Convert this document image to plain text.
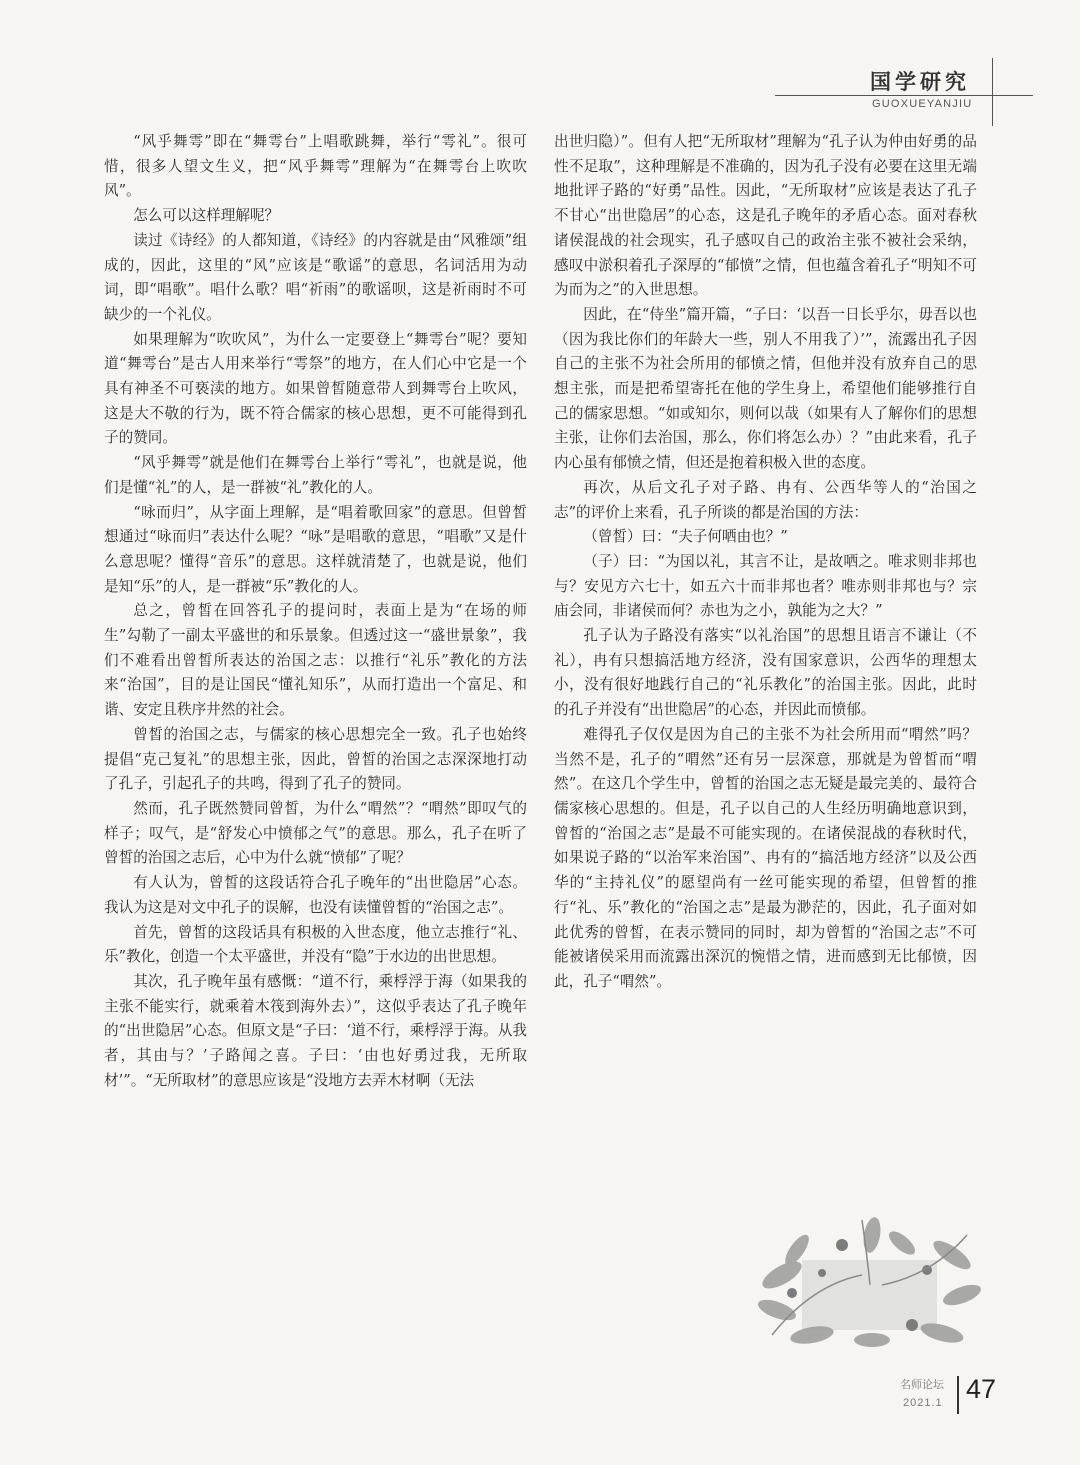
国学研究
GUOXUEYANJIU

“风乎舞雩”即在“舞雩台”上唱歌跳舞，举行“雩礼”。很可惜，很多人望文生义，把“风乎舞雩”理解为“在舞雩台上吹吹风”。

怎么可以这样理解呢？

读过《诗经》的人都知道，《诗经》的内容就是由“风雅颂”组成的，因此，这里的“风”应该是“歌谣”的意思，名词活用为动词，即“唱歌”。唱什么歌？唱“祈雨”的歌谣呗，这是祈雨时不可缺少的一个礼仪。

如果理解为“吹吹风”，为什么一定要登上“舞雩台”呢？要知道“舞雩台”是古人用来举行“雩祭”的地方，在人们心中它是一个具有神圣不可亵渎的地方。如果曾皙随意带人到舞雩台上吹风，这是大不敬的行为，既不符合儒家的核心思想，更不可能得到孔子的赞同。

“风乎舞雩”就是他们在舞雩台上举行“雩礼”，也就是说，他们是懂“礼”的人，是一群被“礼”教化的人。

“咏而归”，从字面上理解，是“唱着歌回家”的意思。但曾皙想通过“咏而归”表达什么呢？“咏”是唱歌的意思，“唱歌”又是什么意思呢？懂得“音乐”的意思。这样就清楚了，也就是说，他们是知“乐”的人，是一群被“乐”教化的人。

总之，曾皙在回答孔子的提问时，表面上是为“在场的师生”勾勒了一副太平盛世的和乐景象。但透过这一“盛世景象”，我们不难看出曾皙所表达的治国之志：以推行“礼乐”教化的方法来“治国”，目的是让国民“懂礼知乐”，从而打造出一个富足、和谐、安定且秩序井然的社会。

曾皙的治国之志，与儒家的核心思想完全一致。孔子也始终提倡“克己复礼”的思想主张，因此，曾皙的治国之志深深地打动了孔子，引起孔子的共鸣，得到了孔子的赞同。

然而，孔子既然赞同曾皙，为什么“喟然”？“喟然”即叹气的样子；叹气，是“舒发心中愤郁之气”的意思。那么，孔子在听了曾皙的治国之志后，心中为什么就“愤郁”了呢？

有人认为，曾皙的这段话符合孔子晚年的“出世隐居”心态。我认为这是对文中孔子的误解，也没有读懂曾皙的“治国之志”。

首先，曾皙的这段话具有积极的入世态度，他立志推行“礼、乐”教化，创造一个太平盛世，并没有“隐”于水边的出世思想。

其次，孔子晚年虽有感慨：“道不行，乘桴浮于海（如果我的主张不能实行，就乘着木筏到海外去）”，这似乎表达了孔子晚年的“出世隐居”心态。但原文是“子曰：‘道不行，乘桴浮于海。从我者，其由与？’子路闻之喜。子曰：‘由也好勇过我，无所取材’”。“无所取材”的意思应该是“没地方去弄木材啊（无法

出世归隐）”。但有人把“无所取材”理解为“孔子认为仲由好勇的品性不足取”，这种理解是不准确的，因为孔子没有必要在这里无端地批评子路的“好勇”品性。因此，“无所取材”应该是表达了孔子不甘心“出世隐居”的心态，这是孔子晚年的矛盾心态。面对春秋诸侯混战的社会现实，孔子感叹自己的政治主张不被社会采纳，感叹中淤积着孔子深厚的“郁愤”之情，但也蕴含着孔子“明知不可为而为之”的入世思想。

因此，在“侍坐”篇开篇，“子曰：‘以吾一日长乎尔，毋吾以也（因为我比你们的年龄大一些，别人不用我了）’”，流露出孔子因自己的主张不为社会所用的郁愤之情，但他并没有放弃自己的思想主张，而是把希望寄托在他的学生身上，希望他们能够推行自己的儒家思想。“如或知尔，则何以哉（如果有人了解你们的思想主张，让你们去治国，那么，你们将怎么办）？”由此来看，孔子内心虽有郁愤之情，但还是抱着积极入世的态度。

再次，从后文孔子对子路、冉有、公西华等人的“治国之志”的评价上来看，孔子所谈的都是治国的方法：

（曾皙）曰：“夫子何哂由也？”

（子）曰：“为国以礼，其言不让，是故哂之。唯求则非邦也与？安见方六七十，如五六十而非邦也者？唯赤则非邦也与？宗庙会同，非诸侯而何？赤也为之小，孰能为之大？”

孔子认为子路没有落实“以礼治国”的思想且语言不谦让（不礼），冉有只想搞活地方经济，没有国家意识，公西华的理想太小，没有很好地践行自己的“礼乐教化”的治国主张。因此，此时的孔子并没有“出世隐居”的心态，并因此而愤郁。

难得孔子仅仅是因为自己的主张不为社会所用而“喟然”吗？当然不是，孔子的“喟然”还有另一层深意，那就是为曾皙而“喟然”。在这几个学生中，曾皙的治国之志无疑是最完美的、最符合儒家核心思想的。但是，孔子以自己的人生经历明确地意识到，曾皙的“治国之志”是最不可能实现的。在诸侯混战的春秋时代，如果说子路的“以治军来治国”、冉有的“搞活地方经济”以及公西华的“主持礼仪”的愿望尚有一丝可能实现的希望，但曾皙的推行“礼、乐”教化的“治国之志”是最为渺茫的，因此，孔子面对如此优秀的曾皙，在表示赞同的同时，却为曾皙的“治国之志”不可能被诸侯采用而流露出深沉的惋惜之情，进而感到无比郁愤，因此，孔子“喟然”。

名师论坛
2021.1 47
